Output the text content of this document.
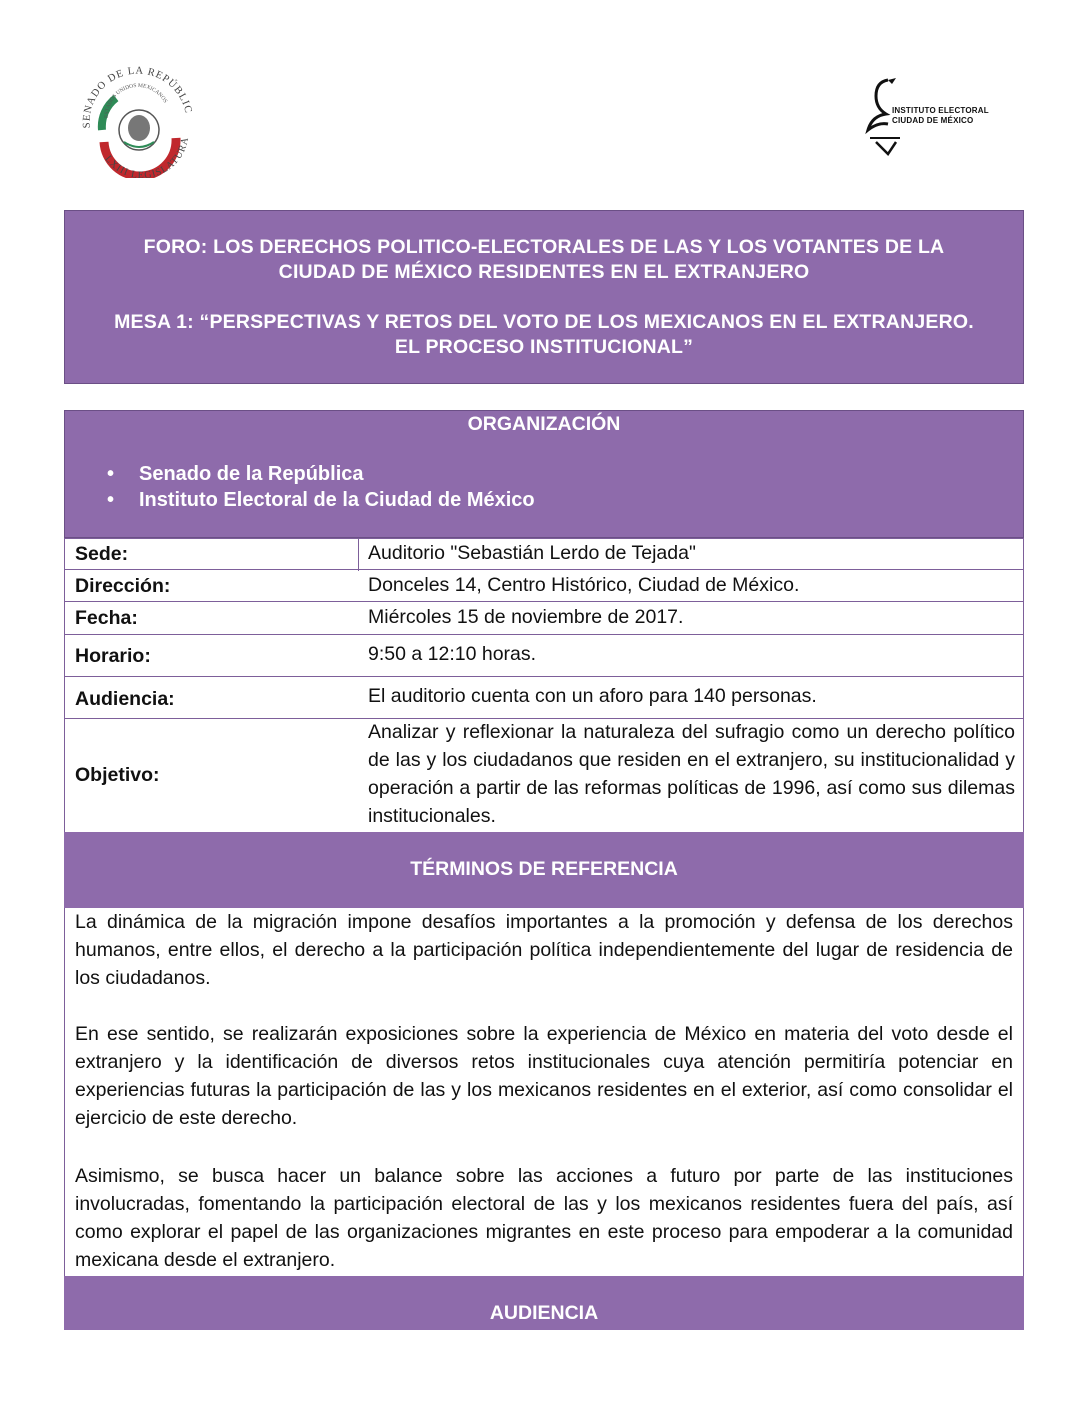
SENADO DE LA REPÚBLIC
ESTADOS UNIDOS MEXICANOS
LXIII LEGISLATURA
INSTITUTO ELECTORAL
CIUDAD DE MÉXICO
FORO: LOS DERECHOS POLITICO-ELECTORALES DE LAS Y LOS VOTANTES DE LA
CIUDAD DE MÉXICO RESIDENTES EN EL EXTRANJERO
MESA 1: “PERSPECTIVAS Y RETOS DEL VOTO DE LOS MEXICANOS EN EL EXTRANJERO.
EL PROCESO INSTITUCIONAL”
ORGANIZACIÓN
• Senado de la República
• Instituto Electoral de la Ciudad de México
Sede:	Auditorio "Sebastián Lerdo de Tejada"
Dirección:	Donceles 14, Centro Histórico, Ciudad de México.
Fecha:	Miércoles 15 de noviembre de 2017.
Horario:	9:50 a 12:10 horas.
Audiencia:	El auditorio cuenta con un aforo para 140 personas.
Objetivo:
Analizar y reflexionar la naturaleza del sufragio como un derecho político de las y los ciudadanos que residen en el extranjero, su institucionalidad y operación a partir de las reformas políticas de 1996, así como sus dilemas institucionales.
TÉRMINOS DE REFERENCIA
La dinámica de la migración impone desafíos importantes a la promoción y defensa de los derechos humanos, entre ellos, el derecho a la participación política independientemente del lugar de residencia de los ciudadanos.
En ese sentido, se realizarán exposiciones sobre la experiencia de México en materia del voto desde el extranjero y la identificación de diversos retos institucionales cuya atención permitiría potenciar en experiencias futuras la participación de las y los mexicanos residentes en el exterior, así como consolidar el ejercicio de este derecho.
Asimismo, se busca hacer un balance sobre las acciones a futuro por parte de las instituciones involucradas, fomentando la participación electoral de las y los mexicanos residentes fuera del país, así como explorar el papel de las organizaciones migrantes en este proceso para empoderar a la comunidad mexicana desde el extranjero.
AUDIENCIA
